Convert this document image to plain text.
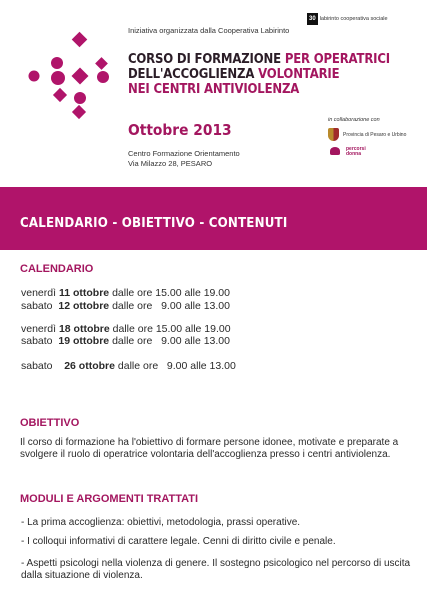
Iniziativa organizzata dalla Cooperativa Labirinto
30 labirinto cooperativa sociale
CORSO DI FORMAZIONE PER OPERATRICI
DELL'ACCOGLIENZA VOLONTARIE
NEI CENTRI ANTIVIOLENZA
Ottobre 2013
Centro Formazione Orientamento
Via Milazzo 28, PESARO
in collaborazione con
Provincia di Pesaro e Urbino
percorsi
donna
CALENDARIO - OBIETTIVO - CONTENUTI
CALENDARIO
venerdì 11 ottobre dalle ore 15.00 alle 19.00
sabato 12 ottobre dalle ore   9.00 alle 13.00
venerdì 18 ottobre dalle ore 15.00 alle 19.00
sabato 19 ottobre dalle ore   9.00 alle 13.00
sabato 26 ottobre dalle ore   9.00 alle 13.00
OBIETTIVO
Il corso di formazione ha l'obiettivo di formare persone idonee, motivate e preparate a svolgere il ruolo di operatrice volontaria dell'accoglienza presso i centri antiviolenza.
MODULI E ARGOMENTI TRATTATI
- La prima accoglienza: obiettivi, metodologia, prassi operative.
- I colloqui informativi di carattere legale. Cenni di diritto civile e penale.
- Aspetti psicologi nella violenza di genere. Il sostegno psicologico nel percorso di uscita dalla situazione di violenza.
